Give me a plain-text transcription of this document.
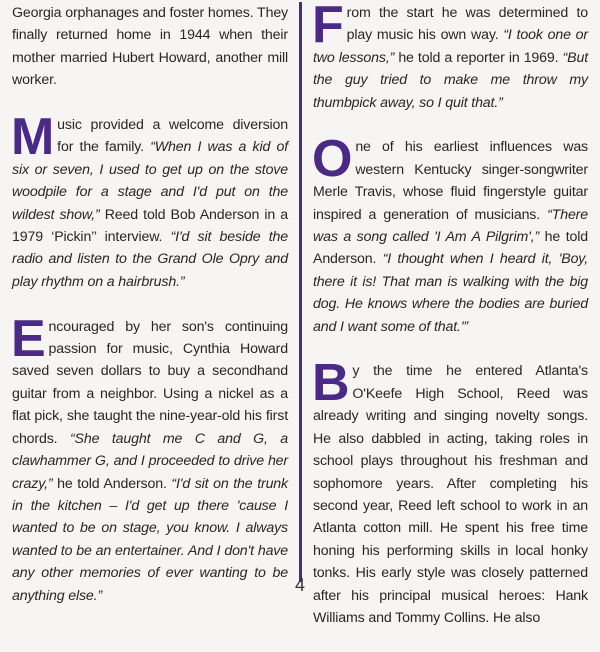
Georgia orphanages and foster homes. They finally returned home in 1944 when their mother married Hubert Howard, another mill worker.

Music provided a welcome diversion for the family. “When I was a kid of six or seven, I used to get up on the stove woodpile for a stage and I'd put on the wildest show,” Reed told Bob Anderson in a 1979 ‘Pickin’’ interview. “I'd sit beside the radio and listen to the Grand Ole Opry and play rhythm on a hairbrush.”

Encouraged by her son's continuing passion for music, Cynthia Howard saved seven dollars to buy a secondhand guitar from a neighbor. Using a nickel as a flat pick, she taught the nine-year-old his first chords. “She taught me C and G, a clawhammer G, and I proceeded to drive her crazy,” he told Anderson. “I'd sit on the trunk in the kitchen – I'd get up there 'cause I wanted to be on stage, you know. I always wanted to be an entertainer. And I don't have any other memories of ever wanting to be anything else.”

From the start he was determined to play music his own way. “I took one or two lessons,” he told a reporter in 1969. “But the guy tried to make me throw my thumbpick away, so I quit that.”

One of his earliest influences was western Kentucky singer-songwriter Merle Travis, whose fluid fingerstyle guitar inspired a generation of musicians. “There was a song called 'I Am A Pilgrim',” he told Anderson. “I thought when I heard it, 'Boy, there it is! That man is walking with the big dog. He knows where the bodies are buried and I want some of that.'”

By the time he entered Atlanta's O'Keefe High School, Reed was already writing and singing novelty songs. He also dabbled in acting, taking roles in school plays throughout his freshman and sophomore years. After completing his second year, Reed left school to work in an Atlanta cotton mill. He spent his free time honing his performing skills in local honky tonks. His early style was closely patterned after his principal musical heroes: Hank Williams and Tommy Collins. He also

4
